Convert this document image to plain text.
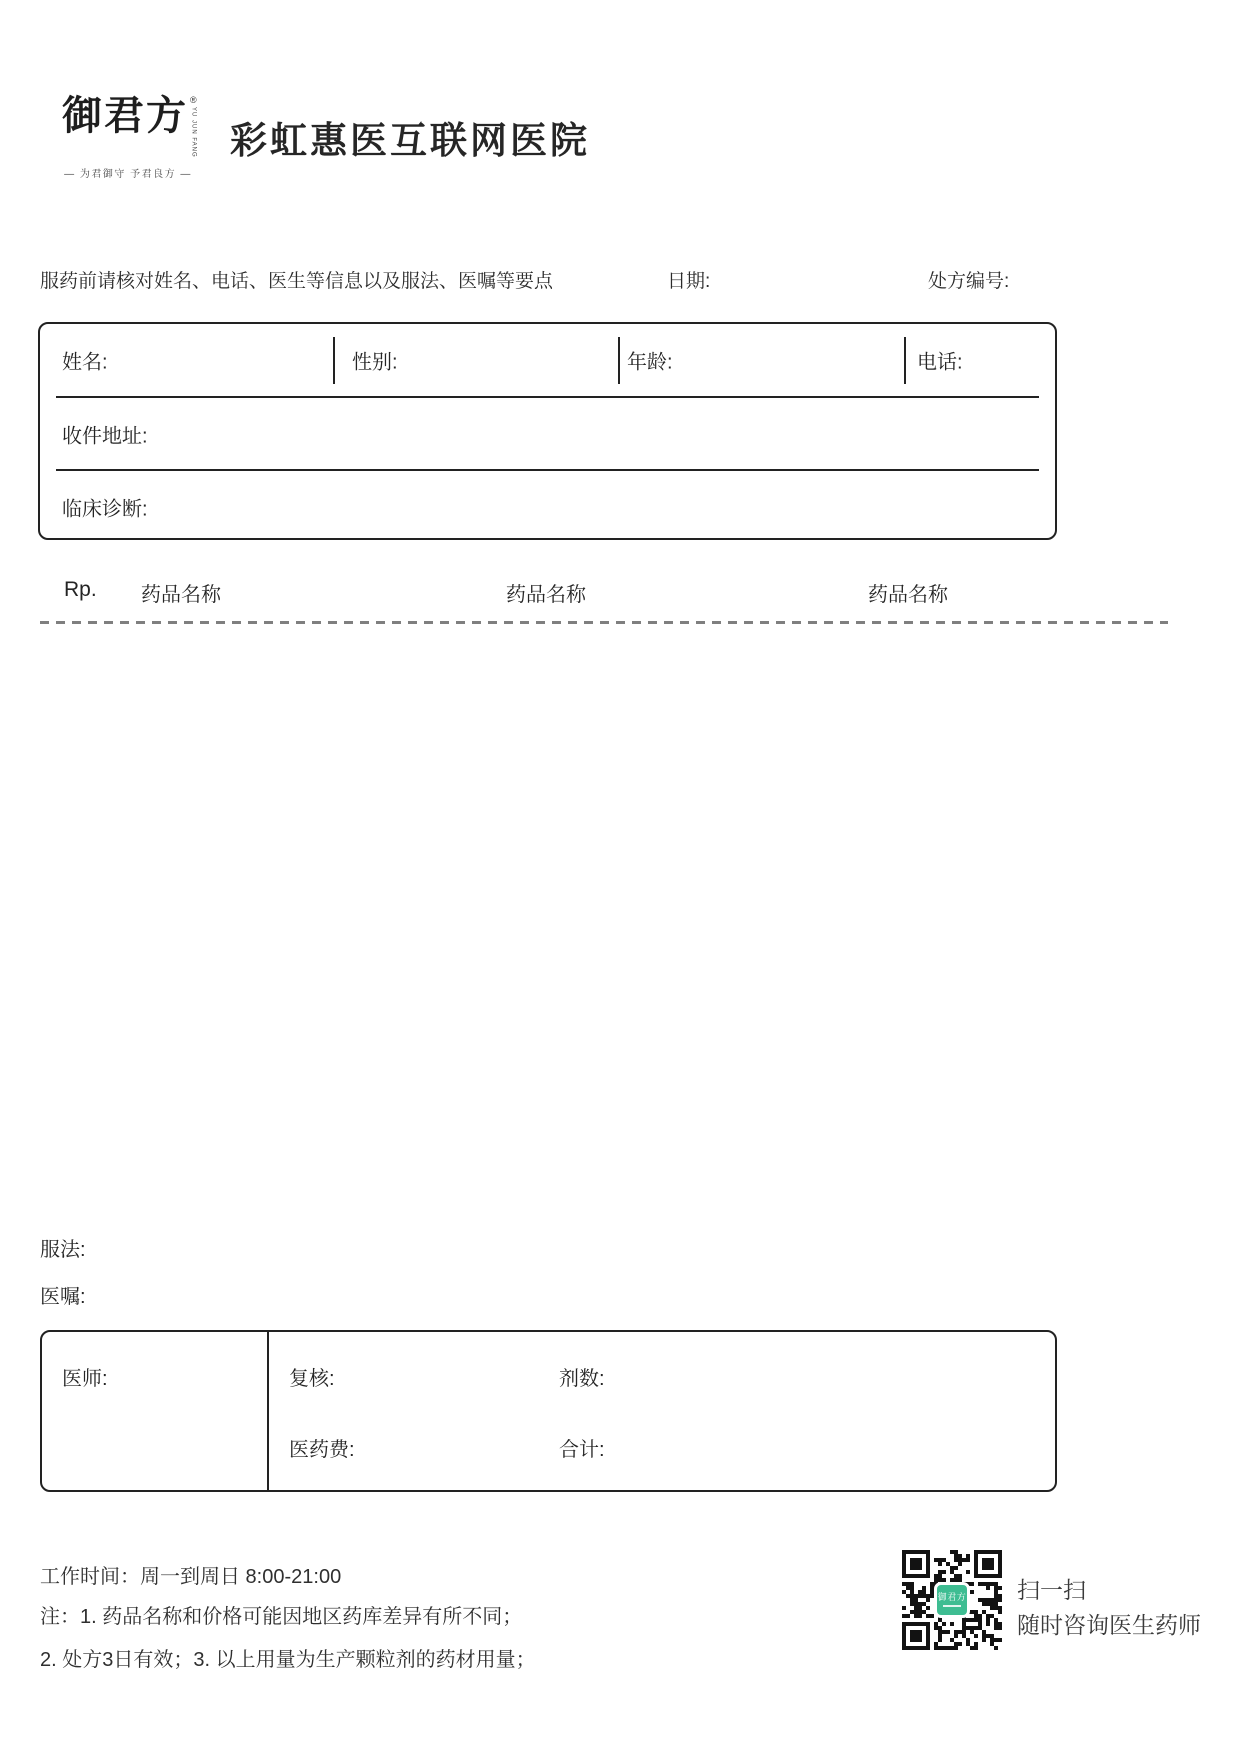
御君方 ®
YU JUN FANG
— 为君御守 予君良方 —
彩虹惠医互联网医院
服药前请核对姓名、电话、医生等信息以及服法、医嘱等要点	日期:	处方编号:
姓名:	性别:	年龄:	电话:
收件地址:
临床诊断:
Rp. 药品名称	药品名称	药品名称
服法:
医嘱:
医师:	复核:	剂数:
医药费:	合计:
工作时间：周一到周日 8:00-21:00
注：1. 药品名称和价格可能因地区药库差异有所不同；
2. 处方3日有效；3. 以上用量为生产颗粒剂的药材用量；
御君方 扫一扫
随时咨询医生药师
